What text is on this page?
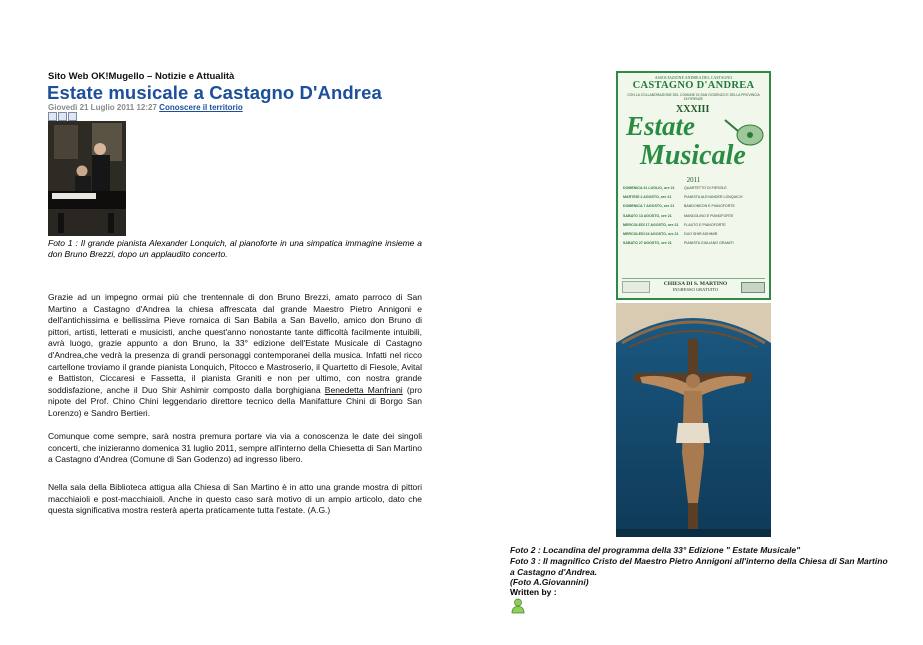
Sito Web OK!Mugello – Notizie e Attualità
Estate musicale a Castagno D'Andrea
Giovedì 21 Luglio 2011 12:27 Conoscere il territorio
Foto 1 : Il grande pianista Alexander Lonquich, al pianoforte in una simpatica immagine insieme a don Bruno Brezzi, dopo un applaudito concerto.
Grazie ad un impegno ormai più che trentennale di don Bruno Brezzi, amato parroco di San Martino a Castagno d'Andrea la chiesa affrescata dal grande Maestro Pietro Annigoni e dell'antichissima e bellissima Pieve romaica di San Babila a San Bavello, amico don Bruno di pittori, artisti, letterati e musicisti, anche quest'anno nonostante tante difficoltà facilmente intuibili, avrà luogo, grazie appunto a don Bruno, la 33° edizione dell'Estate Musicale di Castagno d'Andrea,che vedrà la presenza di grandi personaggi contemporanei della musica. Infatti nel ricco cartellone troviamo il grande pianista Lonquich, Pitocco e Mastroserio, il Quartetto di Fiesole, Avital e Battiston, Ciccaresi e Fassetta, il pianista Graniti e non per ultimo, con nostra grande soddisfazione, anche il Duo Shir Ashimir composto dalla borghigiana Benedetta Manfriani (pro nipote del Prof. Chino Chini leggendario direttore tecnico della Manifatture Chini di Borgo San Lorenzo) e Sandro Bertieri.
Comunque come sempre, sarà nostra premura portare via via a conoscenza le date dei singoli concerti, che inizieranno domenica 31 luglio 2011, sempre all'interno della Chiesetta di San Martino a Castagno d'Andrea (Comune di San Godenzo) ad ingresso libero.
Nella sala della Biblioteca attigua alla Chiesa di San Martino è in atto una grande mostra di pittori macchiaioli e post-macchiaioli. Anche in questo caso sarà motivo di un ampio articolo, dato che questa significativa mostra resterà aperta praticamente tutta l'estate. (A.G.)
ASSOCIAZIONE ANDREA DEL CASTAGNO
CASTAGNO D'ANDREA
CON LA COLLABORAZIONE DEL COMUNE DI SAN GODENZO E DELLA PROVINCIA DI FIRENZE
XXXIII
Estate
Musicale
2011
DOMENICA 31 LUGLIO, ore 21	QUARTETTO DI FIESOLE
MARTEDÌ 2 AGOSTO, ore 21	PIANISTA ALEXANDER LONQUICH
DOMENICA 7 AGOSTO, ore 21	BANDONEON E PIANOFORTE
SABATO 13 AGOSTO, ore 21	MANDOLINO E PIANOFORTE
MERCOLEDÌ 17 AGOSTO, ore 21	FLAUTO E PIANOFORTE
MERCOLEDÌ 24 AGOSTO, ore 21	DUO SHIR ASHIMIR
SABATO 27 AGOSTO, ore 21	PIANISTA GIULIANO GRANITI
CHIESA DI S. MARTINO
INGRESSO GRATUITO
Foto 2 : Locandina del programma della 33° Edizione " Estate Musicale"
Foto 3 : Il magnifico Cristo del Maestro Pietro Annigoni all'interno della Chiesa di San Martino a Castagno d'Andrea.
(Foto A.Giovannini)
Written by :
